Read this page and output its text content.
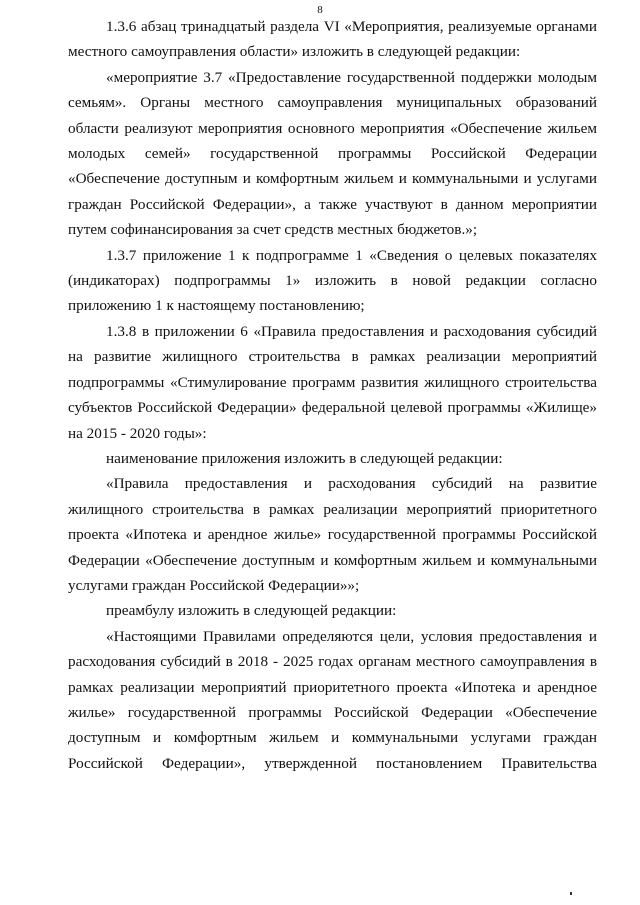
8
1.3.6 абзац тринадцатый раздела VI «Мероприятия, реализуемые органами
местного самоуправления области» изложить в следующей редакции:
«мероприятие 3.7 «Предоставление государственной поддержки молодым
семьям». Органы местного самоуправления муниципальных образований
области реализуют мероприятия основного мероприятия «Обеспечение жильем
молодых семей» государственной программы Российской Федерации
«Обеспечение доступным и комфортным жильем и коммунальными и услугами
граждан Российской Федерации», а также участвуют в данном мероприятии
путем софинансирования за счет средств местных бюджетов.»;
1.3.7 приложение 1 к подпрограмме 1 «Сведения о целевых показателях
(индикаторах) подпрограммы 1» изложить в новой редакции согласно
приложению 1 к настоящему постановлению;
1.3.8 в приложении 6 «Правила предоставления и расходования субсидий
на развитие жилищного строительства в рамках реализации мероприятий
подпрограммы «Стимулирование программ развития жилищного строительства
субъектов Российской Федерации» федеральной целевой программы «Жилище»
на 2015 - 2020 годы»:
наименование приложения изложить в следующей редакции:
«Правила предоставления и расходования субсидий на развитие
жилищного строительства в рамках реализации мероприятий приоритетного
проекта «Ипотека и арендное жилье» государственной программы Российской
Федерации «Обеспечение доступным и комфортным жильем и коммунальными
услугами граждан Российской Федерации»»;
преамбулу изложить в следующей редакции:
«Настоящими Правилами определяются цели, условия предоставления и
расходования субсидий в 2018 - 2025 годах органам местного самоуправления в
рамках реализации мероприятий приоритетного проекта «Ипотека и арендное
жилье» государственной программы Российской Федерации «Обеспечение
доступным и комфортным жильем и коммунальными услугами граждан
Российской Федерации», утвержденной постановлением Правительства
